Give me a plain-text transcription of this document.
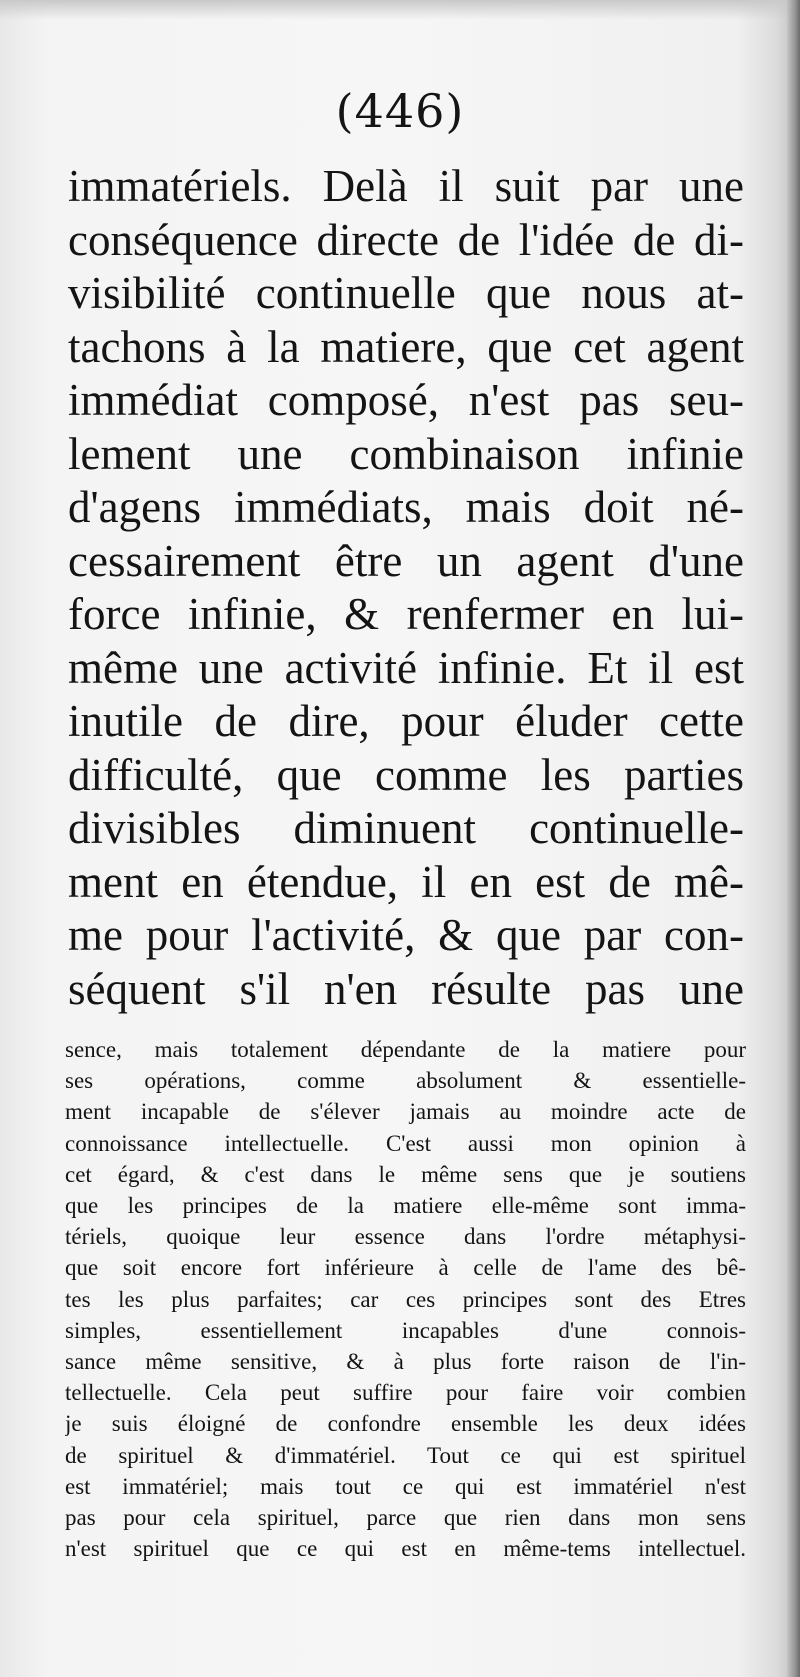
(446)
immatériels. Delà il suit par une
conséquence directe de l'idée de di-
visibilité continuelle que nous at-
tachons à la matiere, que cet agent
immédiat composé, n'est pas seu-
lement une combinaison infinie
d'agens immédiats, mais doit né-
cessairement être un agent d'une
force infinie, & renfermer en lui-
même une activité infinie. Et il est
inutile de dire, pour éluder cette
difficulté, que comme les parties
divisibles diminuent continuelle-
ment en étendue, il en est de mê-
me pour l'activité, & que par con-
séquent s'il n'en résulte pas une
sence, mais totalement dépendante de la matiere pour
ses opérations, comme absolument & essentielle-
ment incapable de s'élever jamais au moindre acte de
connoissance intellectuelle. C'est aussi mon opinion à
cet égard, & c'est dans le même sens que je soutiens
que les principes de la matiere elle-même sont imma-
tériels, quoique leur essence dans l'ordre métaphysi-
que soit encore fort inférieure à celle de l'ame des bê-
tes les plus parfaites; car ces principes sont des Etres
simples, essentiellement incapables d'une connois-
sance même sensitive, & à plus forte raison de l'in-
tellectuelle. Cela peut suffire pour faire voir combien
je suis éloigné de confondre ensemble les deux idées
de spirituel & d'immatériel. Tout ce qui est spirituel
est immatériel; mais tout ce qui est immatériel n'est
pas pour cela spirituel, parce que rien dans mon sens
n'est spirituel que ce qui est en même-tems intellectuel.
